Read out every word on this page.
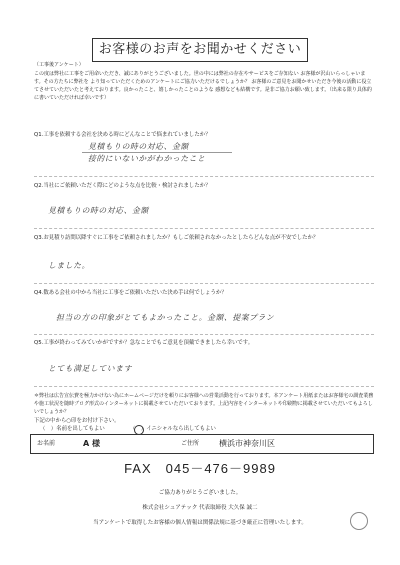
お客様のお声をお聞かせください
（工事後アンケート）
この度は弊社に工事をご用命いただき、誠にありがとうございました。世の中には弊社の存在やサービスをご存知ない お客様が沢山いらっしゃいます。その方たちに弊社を より知っていただくためのアンケートにご協力いただけるでしょうか？ お客様のご意見をお聞かせいただき今後の活動に役立てさせていただいたと考えております。良かったこと、嬉しかったことのような 感想なども結構です。是非ご協力お願い致します。（出来る限り具体的に書いていただければ幸いです）
Q1.工事を依頼する会社を決める時にどんなことで悩まれていましたか？
見積もりの時の対応、金額
接的にいないかがわかったこと
Q2.当社にご依頼いただく際にどのような点を比較・検討されましたか？
見積もりの時の対応、金額
Q3.お見積り訪問以降すぐに工事をご依頼されましたか？もしご依頼されなかったとしたらどんな点が不安でしたか？
しました。
Q4.数ある会社の中から当社に工事をご依頼いただいた決め手は何でしょうか？
担当の方の印象がとてもよかったこと。金額、提案プラン
Q5.工事が終わってみていかがですか？急なことでもご意見を頂戴できましたら幸いです。
とても満足しています
＊弊社は広告宣伝費を極力かけない為にホームページだけを頼りにお客様への営業活動を行っております。本アンケート用紙またはお客様宅の調査業務や施工状況を随時ブログ形式のインターネットに掲載させていただいております。上記内容をインターネットや印刷物に掲載させていただいてもよろしいでしょうか？
下記の中から○印をお付け下さい。
（　）名前を出してもよい	（　）イニシャルなら出してもよい
お名前	A 様	ご住所	横浜市神奈川区
FAX　045－476－9989
ご協力ありがとうございました。
株式会社シュアテック 代表取締役 大久保 誠二
当アンケートで取得したお客様の個人情報は関係法規に基づき厳正に管理いたします。
